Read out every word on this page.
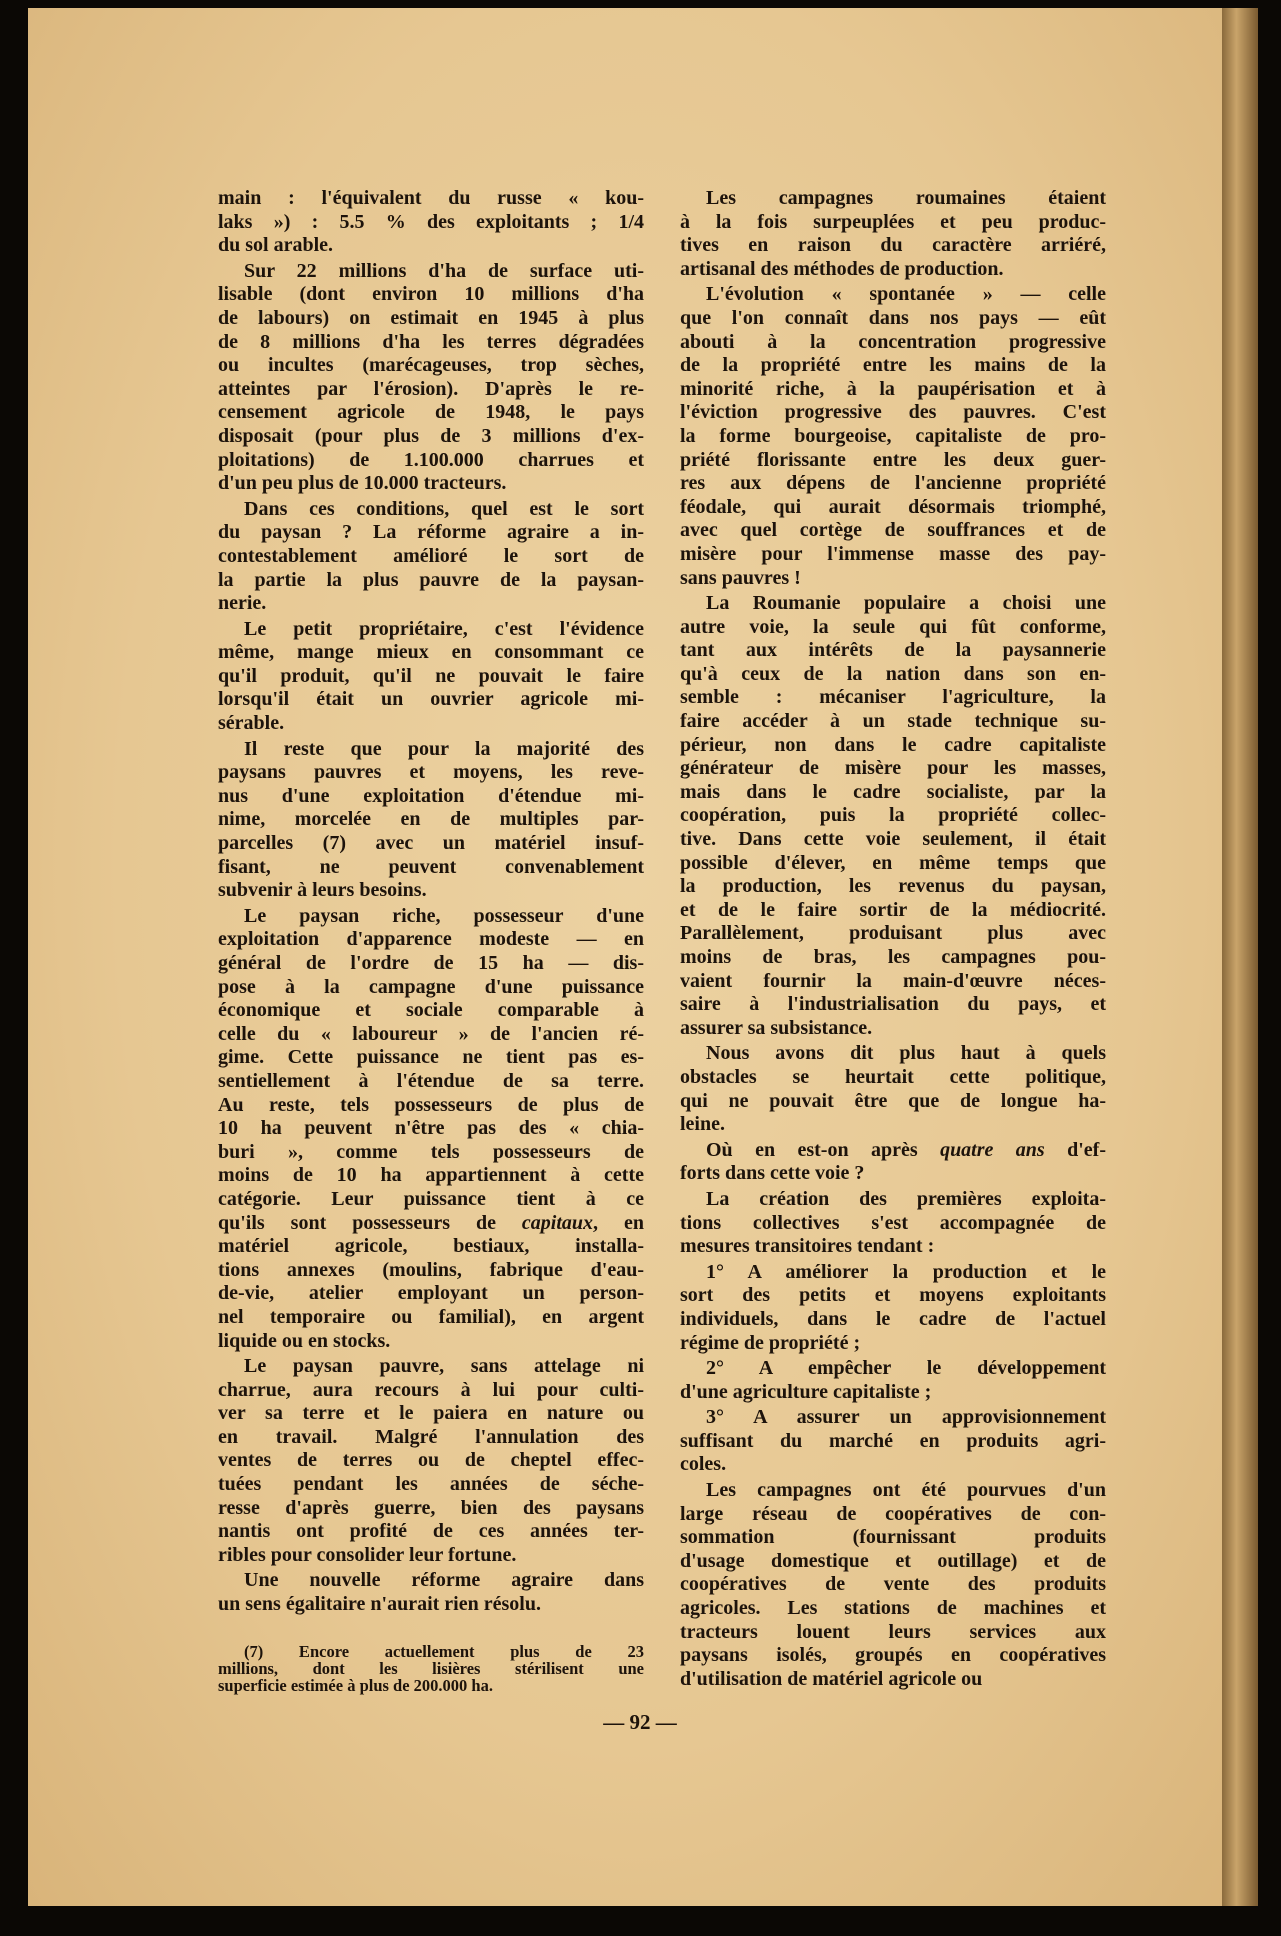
main : l'équivalent du russe « kou-
laks ») : 5.5 % des exploitants ; 1/4
du sol arable.
Sur 22 millions d'ha de surface uti-
lisable (dont environ 10 millions d'ha
de labours) on estimait en 1945 à plus
de 8 millions d'ha les terres dégradées
ou incultes (marécageuses, trop sèches,
atteintes par l'érosion). D'après le re-
censement agricole de 1948, le pays
disposait (pour plus de 3 millions d'ex-
ploitations) de 1.100.000 charrues et
d'un peu plus de 10.000 tracteurs.
Dans ces conditions, quel est le sort
du paysan ? La réforme agraire a in-
contestablement amélioré le sort de
la partie la plus pauvre de la paysan-
nerie.
Le petit propriétaire, c'est l'évidence
même, mange mieux en consommant ce
qu'il produit, qu'il ne pouvait le faire
lorsqu'il était un ouvrier agricole mi-
sérable.
Il reste que pour la majorité des
paysans pauvres et moyens, les reve-
nus d'une exploitation d'étendue mi-
nime, morcelée en de multiples par-
parcelles (7) avec un matériel insuf-
fisant, ne peuvent convenablement
subvenir à leurs besoins.
Le paysan riche, possesseur d'une
exploitation d'apparence modeste — en
général de l'ordre de 15 ha — dis-
pose à la campagne d'une puissance
économique et sociale comparable à
celle du « laboureur » de l'ancien ré-
gime. Cette puissance ne tient pas es-
sentiellement à l'étendue de sa terre.
Au reste, tels possesseurs de plus de
10 ha peuvent n'être pas des « chia-
buri », comme tels possesseurs de
moins de 10 ha appartiennent à cette
catégorie. Leur puissance tient à ce
qu'ils sont possesseurs de capitaux, en
matériel agricole, bestiaux, installa-
tions annexes (moulins, fabrique d'eau-
de-vie, atelier employant un person-
nel temporaire ou familial), en argent
liquide ou en stocks.
Le paysan pauvre, sans attelage ni
charrue, aura recours à lui pour culti-
ver sa terre et le paiera en nature ou
en travail. Malgré l'annulation des
ventes de terres ou de cheptel effec-
tuées pendant les années de séche-
resse d'après guerre, bien des paysans
nantis ont profité de ces années ter-
ribles pour consolider leur fortune.
Une nouvelle réforme agraire dans
un sens égalitaire n'aurait rien résolu.
Les campagnes roumaines étaient
à la fois surpeuplées et peu produc-
tives en raison du caractère arriéré,
artisanal des méthodes de production.
L'évolution « spontanée » — celle
que l'on connaît dans nos pays — eût
abouti à la concentration progressive
de la propriété entre les mains de la
minorité riche, à la paupérisation et à
l'éviction progressive des pauvres. C'est
la forme bourgeoise, capitaliste de pro-
priété florissante entre les deux guer-
res aux dépens de l'ancienne propriété
féodale, qui aurait désormais triomphé,
avec quel cortège de souffrances et de
misère pour l'immense masse des pay-
sans pauvres !
La Roumanie populaire a choisi une
autre voie, la seule qui fût conforme,
tant aux intérêts de la paysannerie
qu'à ceux de la nation dans son en-
semble : mécaniser l'agriculture, la
faire accéder à un stade technique su-
périeur, non dans le cadre capitaliste
générateur de misère pour les masses,
mais dans le cadre socialiste, par la
coopération, puis la propriété collec-
tive. Dans cette voie seulement, il était
possible d'élever, en même temps que
la production, les revenus du paysan,
et de le faire sortir de la médiocrité.
Parallèlement, produisant plus avec
moins de bras, les campagnes pou-
vaient fournir la main-d'œuvre néces-
saire à l'industrialisation du pays, et
assurer sa subsistance.
Nous avons dit plus haut à quels
obstacles se heurtait cette politique,
qui ne pouvait être que de longue ha-
leine.
Où en est-on après quatre ans d'ef-
forts dans cette voie ?
La création des premières exploita-
tions collectives s'est accompagnée de
mesures transitoires tendant :
1° A améliorer la production et le
sort des petits et moyens exploitants
individuels, dans le cadre de l'actuel
régime de propriété ;
2° A empêcher le développement
d'une agriculture capitaliste ;
3° A assurer un approvisionnement
suffisant du marché en produits agri-
coles.
Les campagnes ont été pourvues d'un
large réseau de coopératives de con-
sommation (fournissant produits
d'usage domestique et outillage) et de
coopératives de vente des produits
agricoles. Les stations de machines et
tracteurs louent leurs services aux
paysans isolés, groupés en coopératives
d'utilisation de matériel agricole ou
(7) Encore actuellement plus de 23
millions, dont les lisières stérilisent une
superficie estimée à plus de 200.000 ha.
— 92 —
